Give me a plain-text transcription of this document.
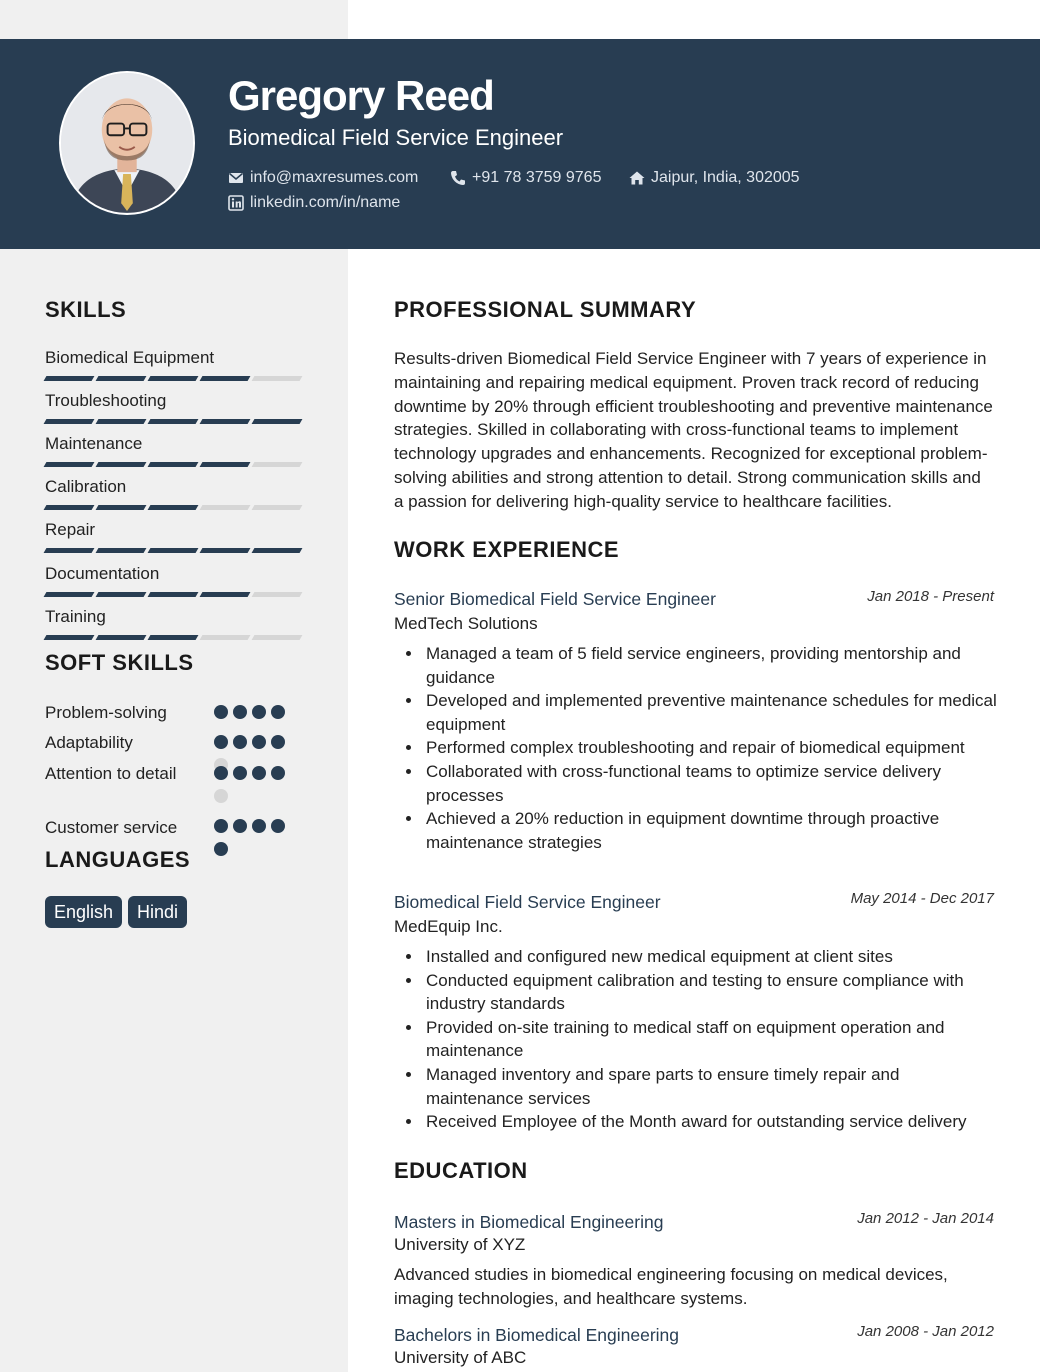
Gregory Reed
Biomedical Field Service Engineer
info@maxresumes.com	+91 78 3759 9765	Jaipur, India, 302005
linkedin.com/in/name
SKILLS
Biomedical Equipment
Troubleshooting
Maintenance
Calibration
Repair
Documentation
Training
SOFT SKILLS
Problem-solving
Adaptability
Attention to detail
Customer service
LANGUAGES
English	Hindi
PROFESSIONAL SUMMARY
Results-driven Biomedical Field Service Engineer with 7 years of experience in maintaining and repairing medical equipment. Proven track record of reducing downtime by 20% through efficient troubleshooting and preventive maintenance strategies. Skilled in collaborating with cross-functional teams to implement technology upgrades and enhancements. Recognized for exceptional problem-solving abilities and strong attention to detail. Strong communication skills and a passion for delivering high-quality service to healthcare facilities.
WORK EXPERIENCE
Senior Biomedical Field Service Engineer	Jan 2018 - Present
MedTech Solutions
Managed a team of 5 field service engineers, providing mentorship and guidance
Developed and implemented preventive maintenance schedules for medical equipment
Performed complex troubleshooting and repair of biomedical equipment
Collaborated with cross-functional teams to optimize service delivery processes
Achieved a 20% reduction in equipment downtime through proactive maintenance strategies
Biomedical Field Service Engineer	May 2014 - Dec 2017
MedEquip Inc.
Installed and configured new medical equipment at client sites
Conducted equipment calibration and testing to ensure compliance with industry standards
Provided on-site training to medical staff on equipment operation and maintenance
Managed inventory and spare parts to ensure timely repair and maintenance services
Received Employee of the Month award for outstanding service delivery
EDUCATION
Masters in Biomedical Engineering	Jan 2012 - Jan 2014
University of XYZ
Advanced studies in biomedical engineering focusing on medical devices, imaging technologies, and healthcare systems.
Bachelors in Biomedical Engineering	Jan 2008 - Jan 2012
University of ABC
